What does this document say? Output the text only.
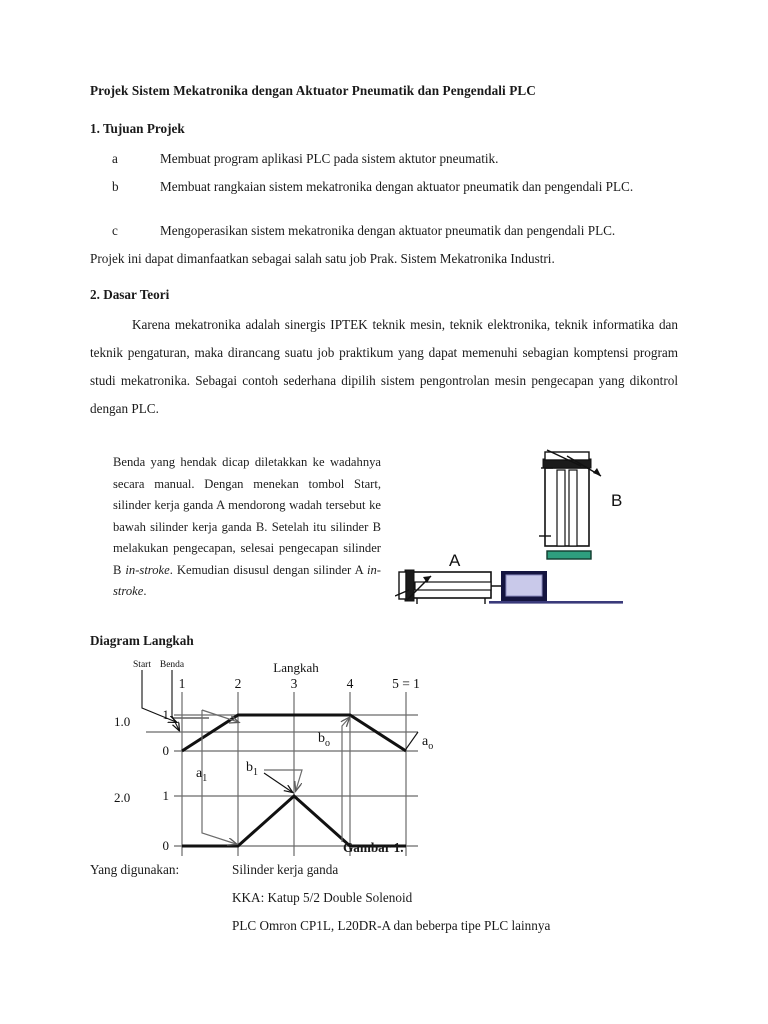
Projek Sistem Mekatronika dengan Aktuator Pneumatik dan Pengendali PLC
1. Tujuan Projek
a	Membuat program aplikasi PLC pada sistem aktutor pneumatik.
b	Membuat rangkaian sistem mekatronika dengan aktuator pneumatik dan pengendali PLC.
c	Mengoperasikan sistem mekatronika dengan aktuator pneumatik dan pengendali PLC.
Projek ini dapat dimanfaatkan sebagai salah satu job Prak. Sistem Mekatronika Industri.
2. Dasar Teori
Karena mekatronika adalah sinergis IPTEK teknik mesin, teknik elektronika, teknik informatika dan teknik pengaturan, maka dirancang suatu job praktikum yang dapat memenuhi sebagian komptensi program studi mekatronika. Sebagai contoh sederhana dipilih sistem pengontrolan mesin pengecapan yang dikontrol dengan PLC.
Benda yang hendak dicap diletakkan ke wadahnya secara manual. Dengan menekan tombol Start, silinder kerja ganda A mendorong wadah tersebut ke bawah silinder kerja ganda B. Setelah itu silinder B melakukan pengecapan, selesai pengecapan silinder B in-stroke. Kemudian disusul dengan silinder A in-stroke.
B
A
Diagram Langkah
Langkah
Start Benda
1.0
2.0
1	2	3	4	5 = 1
1
0
1
0
$a_1$
$b_1$
$b_o$	$a_o$
Gambar 1.
Yang digunakan:	Silinder kerja ganda
KKA: Katup 5/2 Double Solenoid
PLC Omron CP1L, L20DR-A dan beberpa tipe PLC lainnya
